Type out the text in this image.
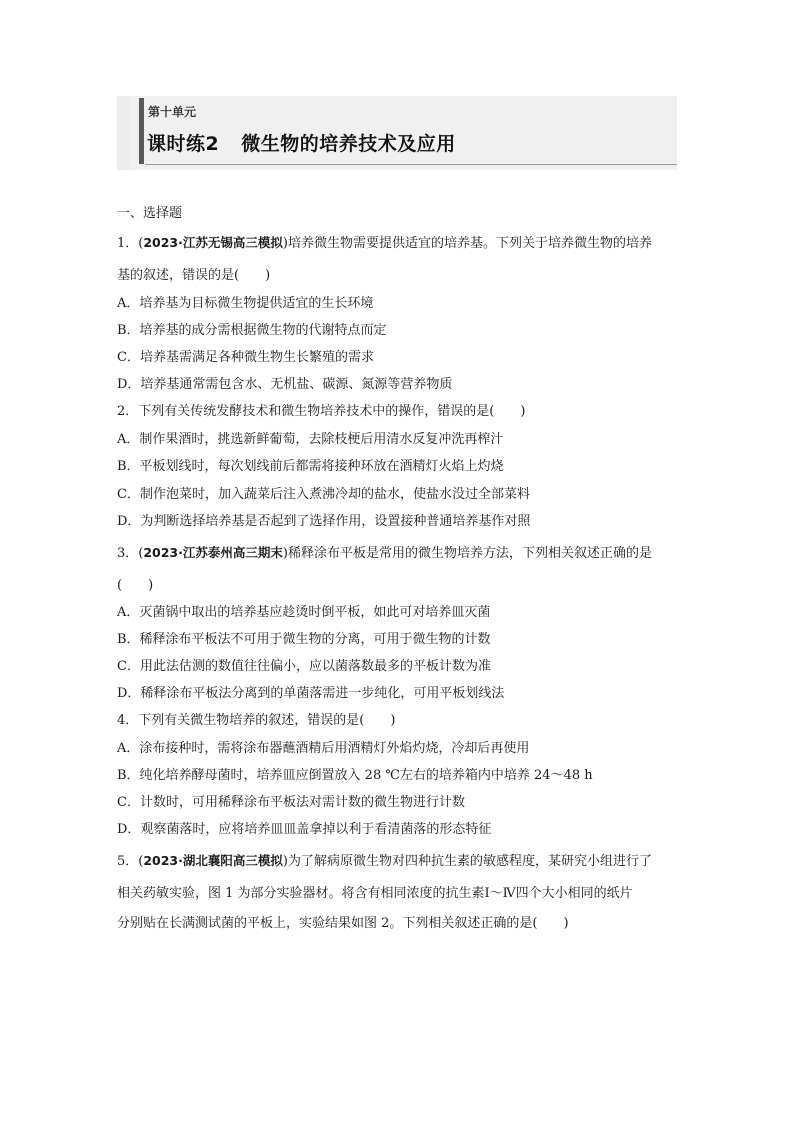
第十单元
课时练2 微生物的培养技术及应用
一、选择题
1．(2023·江苏无锡高三模拟)培养微生物需要提供适宜的培养基。下列关于培养微生物的培养
基的叙述，错误的是(　　)
A．培养基为目标微生物提供适宜的生长环境
B．培养基的成分需根据微生物的代谢特点而定
C．培养基需满足各种微生物生长繁殖的需求
D．培养基通常需包含水、无机盐、碳源、氮源等营养物质
2．下列有关传统发酵技术和微生物培养技术中的操作，错误的是(　　)
A．制作果酒时，挑选新鲜葡萄，去除枝梗后用清水反复冲洗再榨汁
B．平板划线时，每次划线前后都需将接种环放在酒精灯火焰上灼烧
C．制作泡菜时，加入蔬菜后注入煮沸冷却的盐水，使盐水没过全部菜料
D．为判断选择培养基是否起到了选择作用，设置接种普通培养基作对照
3．(2023·江苏泰州高三期末)稀释涂布平板是常用的微生物培养方法，下列相关叙述正确的是
(　　)
A．灭菌锅中取出的培养基应趁烫时倒平板，如此可对培养皿灭菌
B．稀释涂布平板法不可用于微生物的分离，可用于微生物的计数
C．用此法估测的数值往往偏小，应以菌落数最多的平板计数为准
D．稀释涂布平板法分离到的单菌落需进一步纯化，可用平板划线法
4．下列有关微生物培养的叙述，错误的是(　　)
A．涂布接种时，需将涂布器蘸酒精后用酒精灯外焰灼烧，冷却后再使用
B．纯化培养酵母菌时，培养皿应倒置放入 28 ℃左右的培养箱内中培养 24～48 h
C．计数时，可用稀释涂布平板法对需计数的微生物进行计数
D．观察菌落时，应将培养皿皿盖拿掉以利于看清菌落的形态特征
5．(2023·湖北襄阳高三模拟)为了解病原微生物对四种抗生素的敏感程度，某研究小组进行了
相关药敏实验，图 1 为部分实验器材。将含有相同浓度的抗生素Ⅰ～Ⅳ四个大小相同的纸片
分别贴在长满测试菌的平板上，实验结果如图 2。下列相关叙述正确的是(　　)
